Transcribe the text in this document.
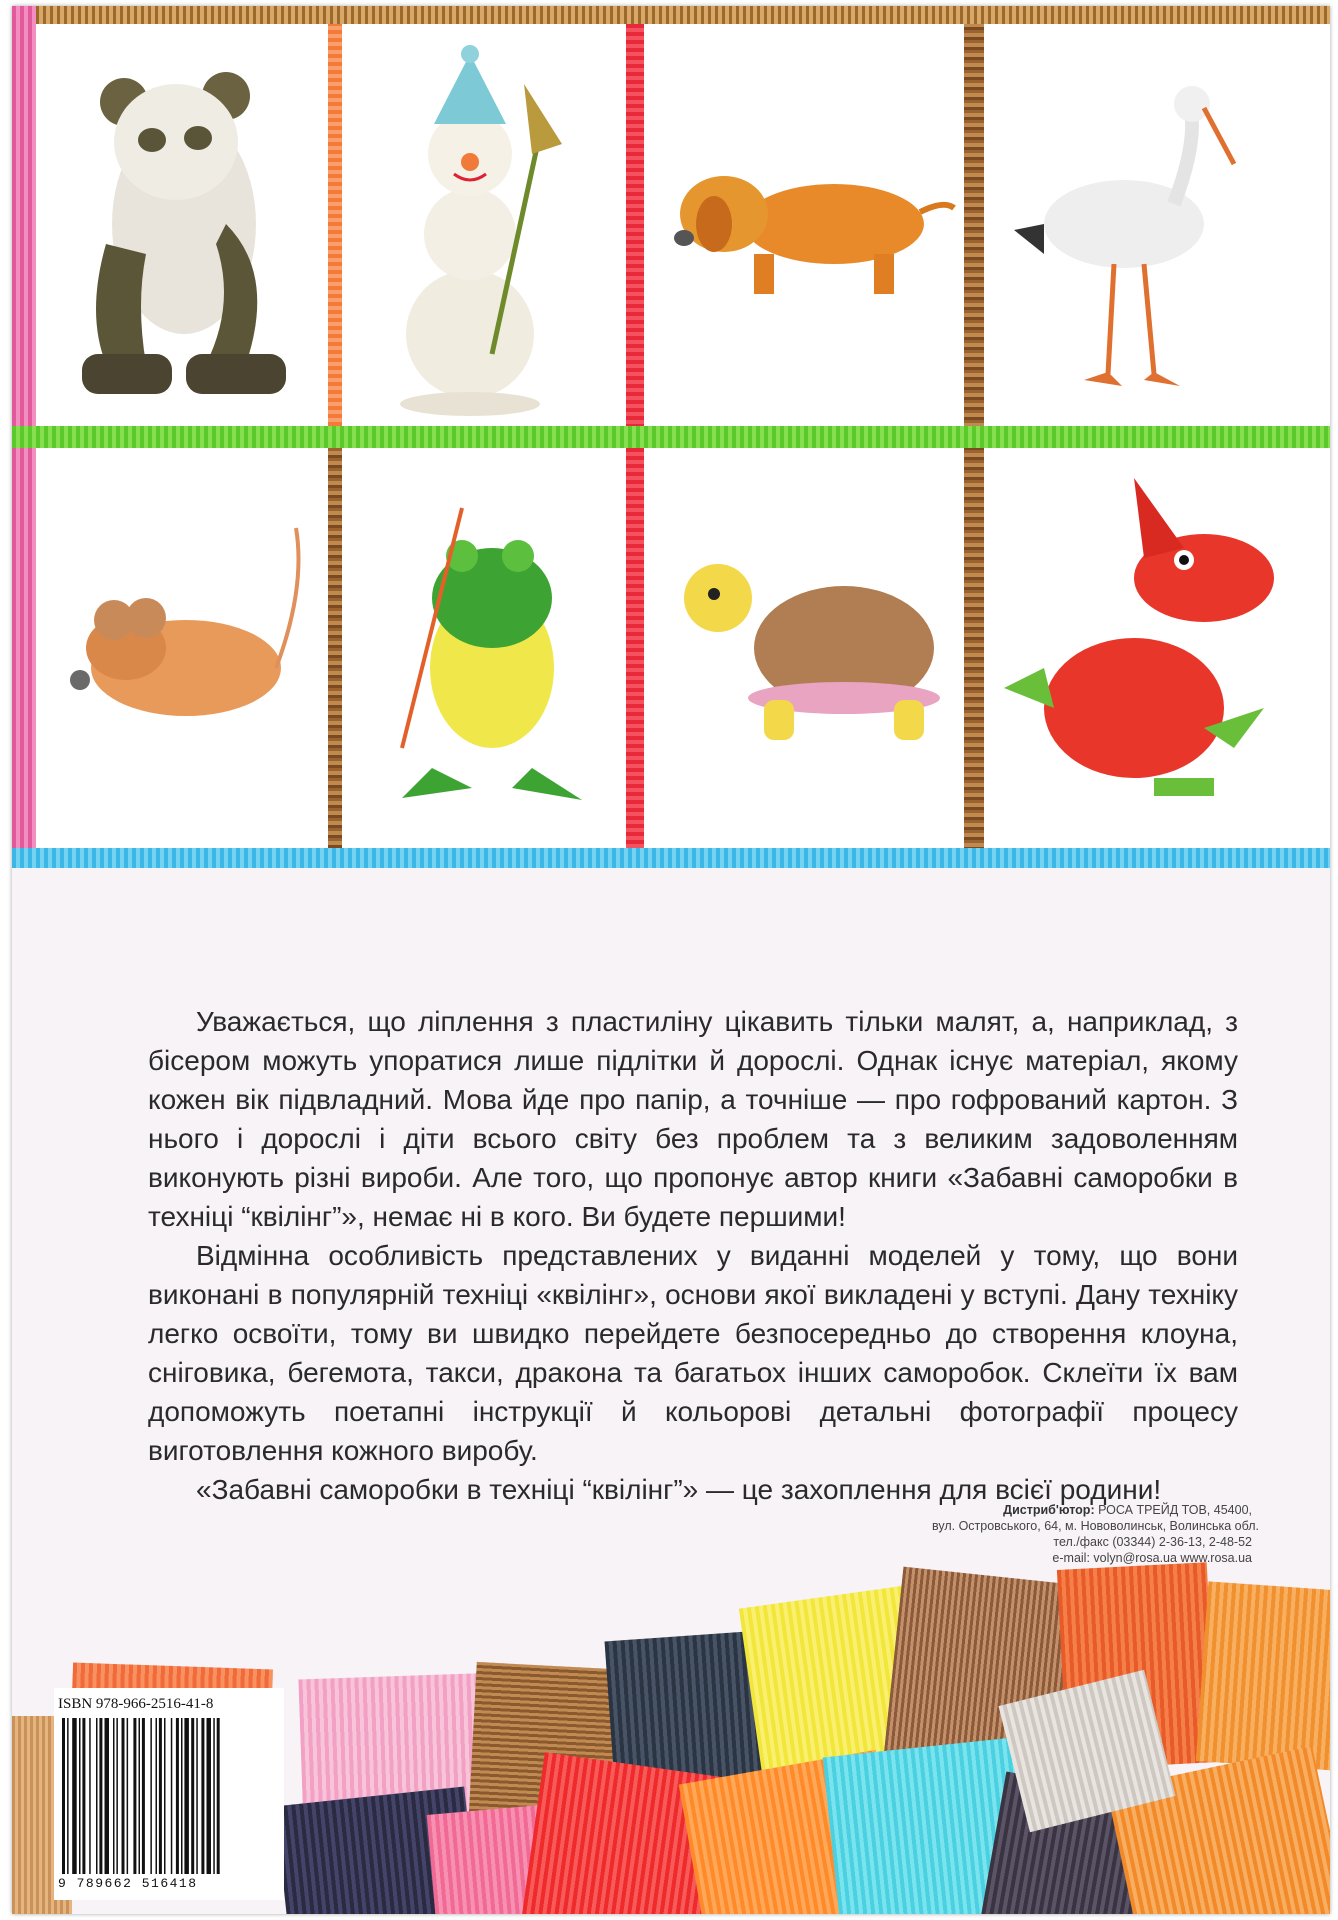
Уважається, що ліплення з пластиліну цікавить тільки малят, а, наприклад, з бісером можуть упоратися лише підлітки й дорослі. Однак існує матеріал, якому кожен вік підвладний. Мова йде про папір, а точніше — про гофрований картон. З нього і дорослі і діти всього світу без проблем та з великим задоволенням виконують різні вироби. Але того, що пропонує автор книги «Забавні саморобки в техніці “квілінг”», немає ні в кого. Ви будете першими!

Відмінна особливість представлених у виданні моделей у тому, що вони виконані в популярній техніці «квілінг», основи якої викладені у вступі. Дану техніку легко освоїти, тому ви швидко перейдете безпосередньо до створення клоуна, сніговика, бегемота, такси, дракона та багатьох інших саморобок. Склеїти їх вам допоможуть поетапні інструкції й кольорові детальні фотографії процесу виготовлення кожного виробу.

«Забавні саморобки в техніці “квілінг”» — це захоплення для всієї родини!

Дистриб'ютор: РОСА ТРЕЙД ТОВ, 45400,
вул. Островського, 64, м. Нововолинськ, Волинська обл.
тел./факс (03344) 2-36-13, 2-48-52
e-mail: volyn@rosa.ua www.rosa.ua
ISBN 978-966-2516-41-8
9 789662 516418
